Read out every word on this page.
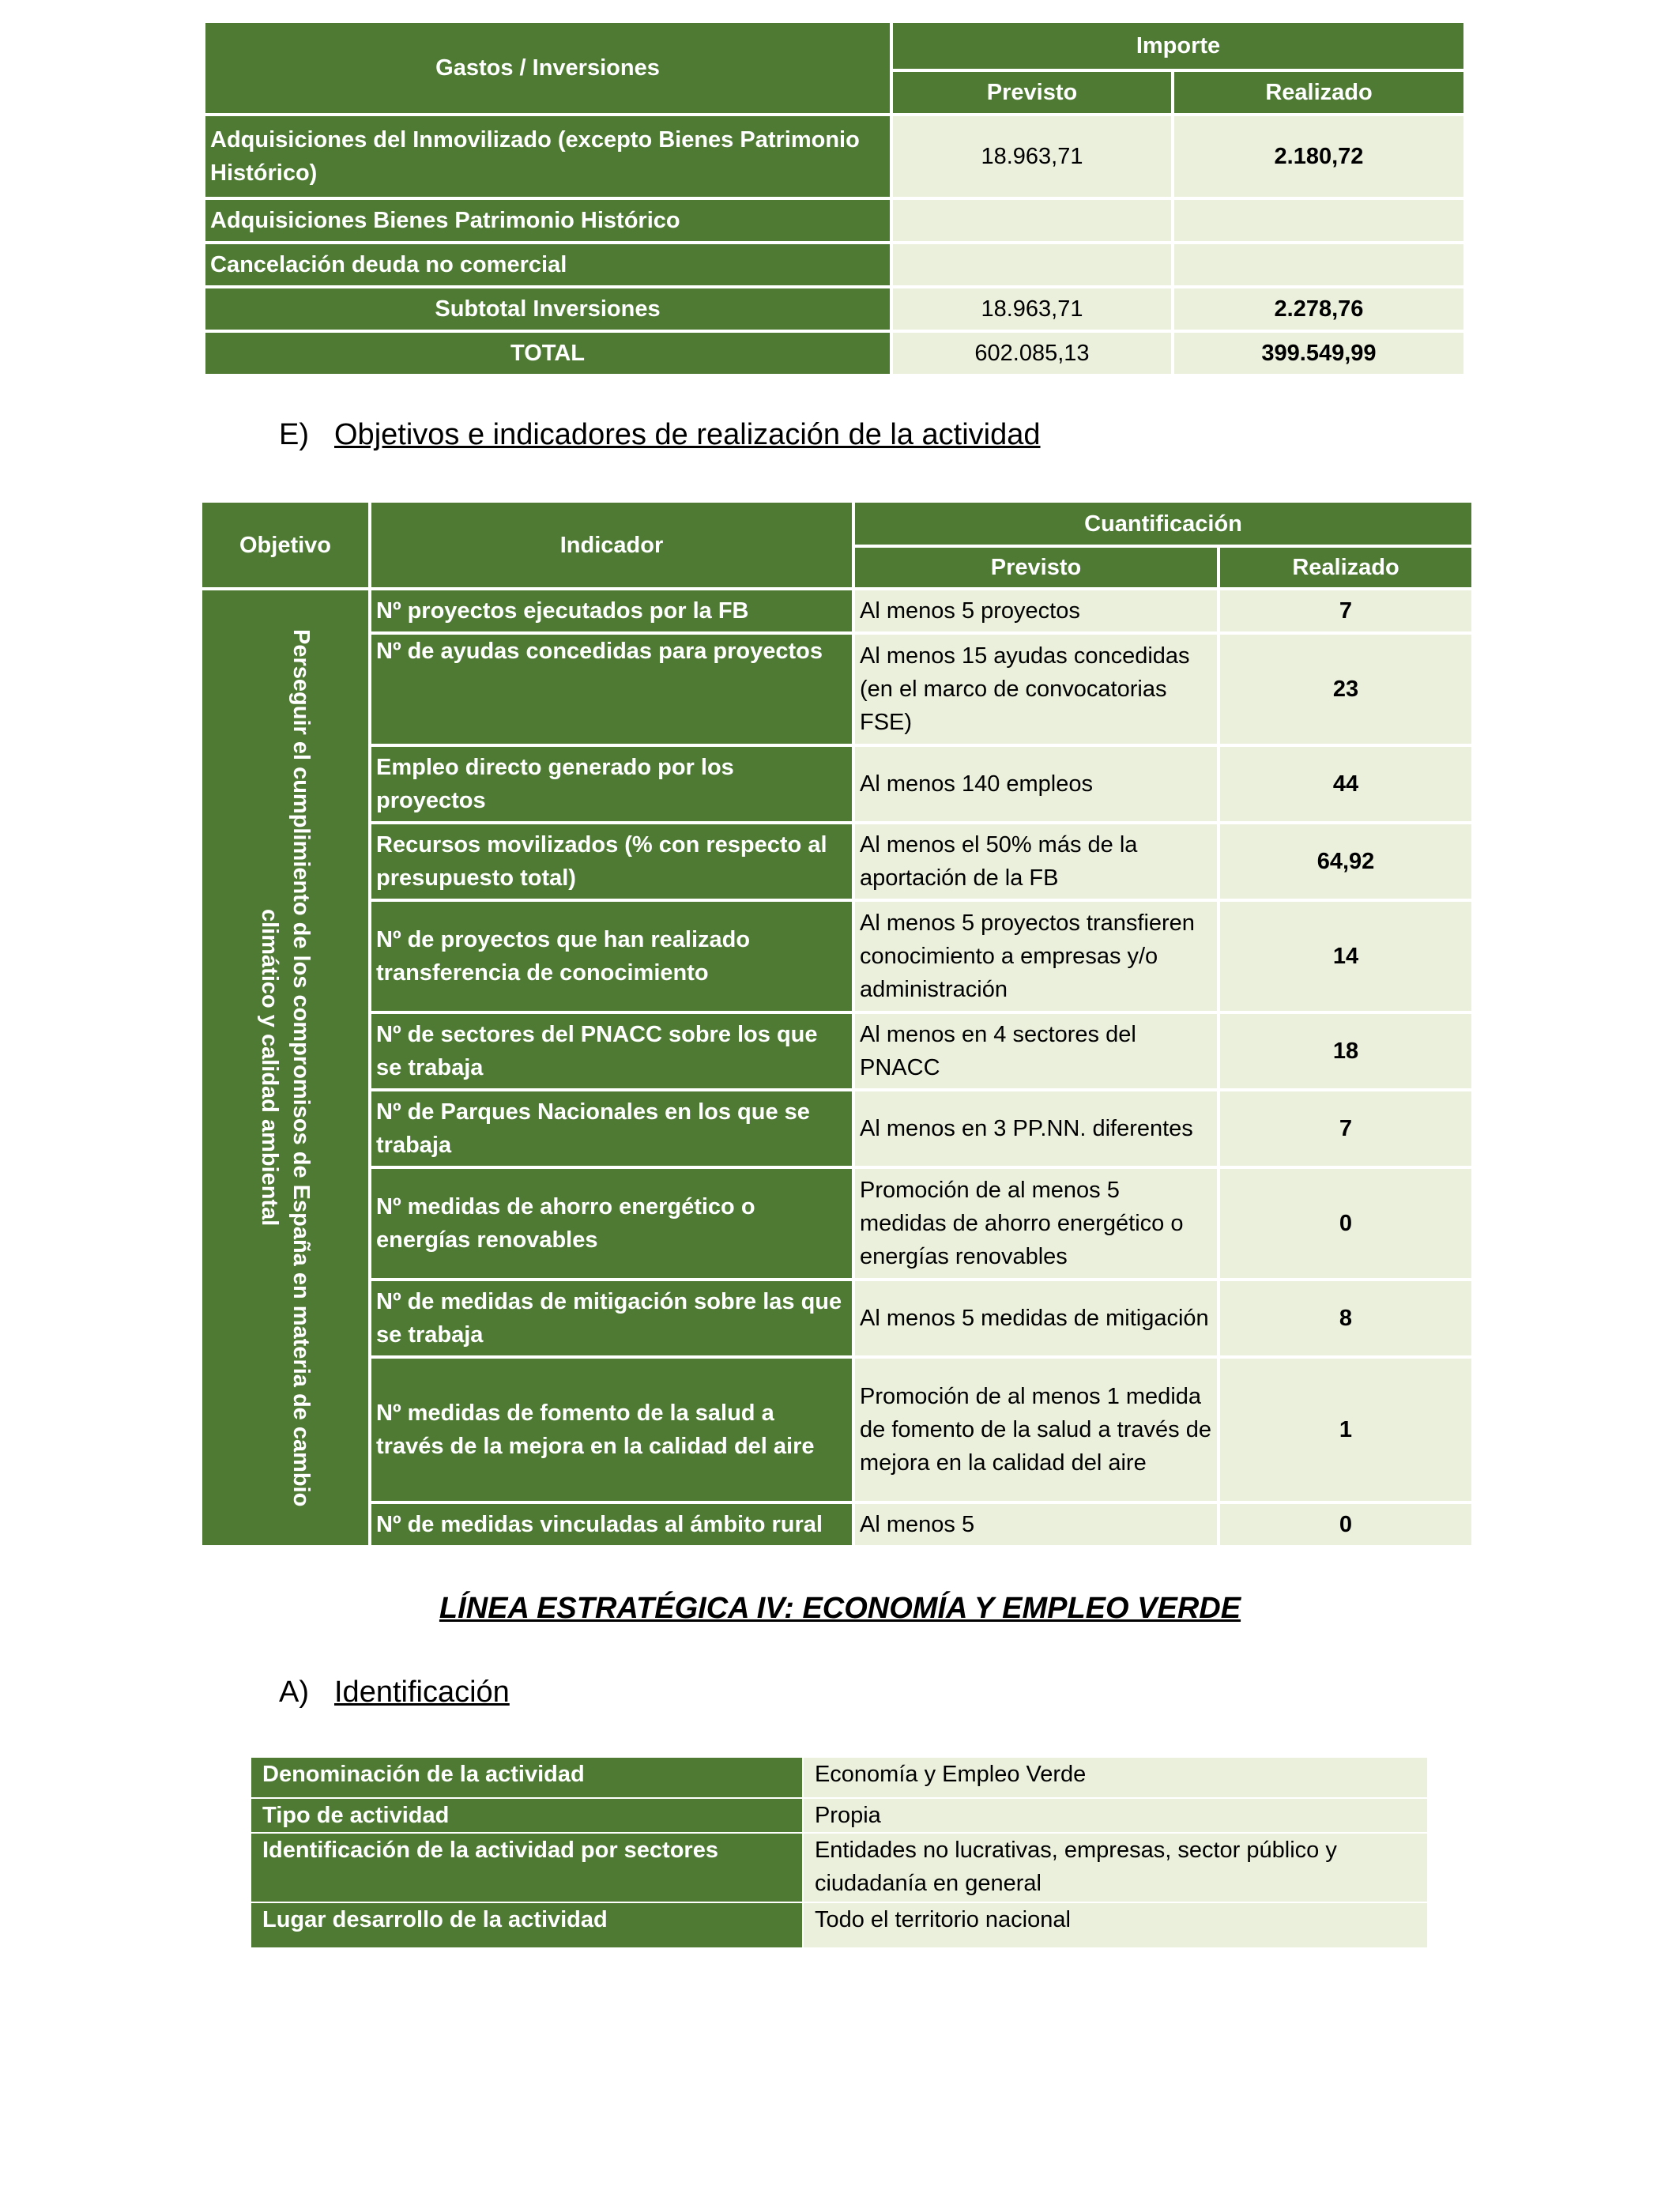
Gastos / Inversiones	Importe	
	Previsto	Realizado
Adquisiciones del Inmovilizado (excepto Bienes Patrimonio Histórico)	18.963,71	2.180,72
Adquisiciones Bienes Patrimonio Histórico		
Cancelación deuda no comercial		
Subtotal Inversiones	18.963,71	2.278,76
TOTAL	602.085,13	399.549,99
E) Objetivos e indicadores de realización de la actividad
Objetivo	Indicador	Cuantificación	
		Previsto	Realizado

Perseguir el cumplimiento de los compromisos de España en materia de cambio climático y calidad ambiental	Nº proyectos ejecutados por la FB	Al menos 5 proyectos	7
	Nº de ayudas concedidas para proyectos	Al menos 15 ayudas concedidas (en el marco de convocatorias FSE)	23
	Empleo directo generado por los proyectos	Al menos 140 empleos	44
	Recursos movilizados (% con respecto al presupuesto total)	Al menos el 50% más de la aportación de la FB	64,92
	Nº de proyectos que han realizado transferencia de conocimiento	Al menos 5 proyectos transfieren conocimiento a empresas y/o administración	14
	Nº de sectores del PNACC sobre los que se trabaja	Al menos en 4 sectores del PNACC	18
	Nº de Parques Nacionales en los que se trabaja	Al menos en 3 PP.NN. diferentes	7
	Nº medidas de ahorro energético o energías renovables	Promoción de al menos 5 medidas de ahorro energético o energías renovables	0
	Nº de medidas de mitigación sobre las que se trabaja	Al menos 5 medidas de mitigación	8
	Nº medidas de fomento de la salud a través de la mejora en la calidad del aire	Promoción de al menos 1 medida de fomento de la salud a través de mejora en la calidad del aire	1
	Nº de medidas vinculadas al ámbito rural	Al menos 5	0
LÍNEA ESTRATÉGICA IV: ECONOMÍA Y EMPLEO VERDE
A) Identificación
Denominación de la actividad	Economía y Empleo Verde
Tipo de actividad	Propia
Identificación de la actividad por sectores	Entidades no lucrativas, empresas, sector público y ciudadanía en general
Lugar desarrollo de la actividad	Todo el territorio nacional
